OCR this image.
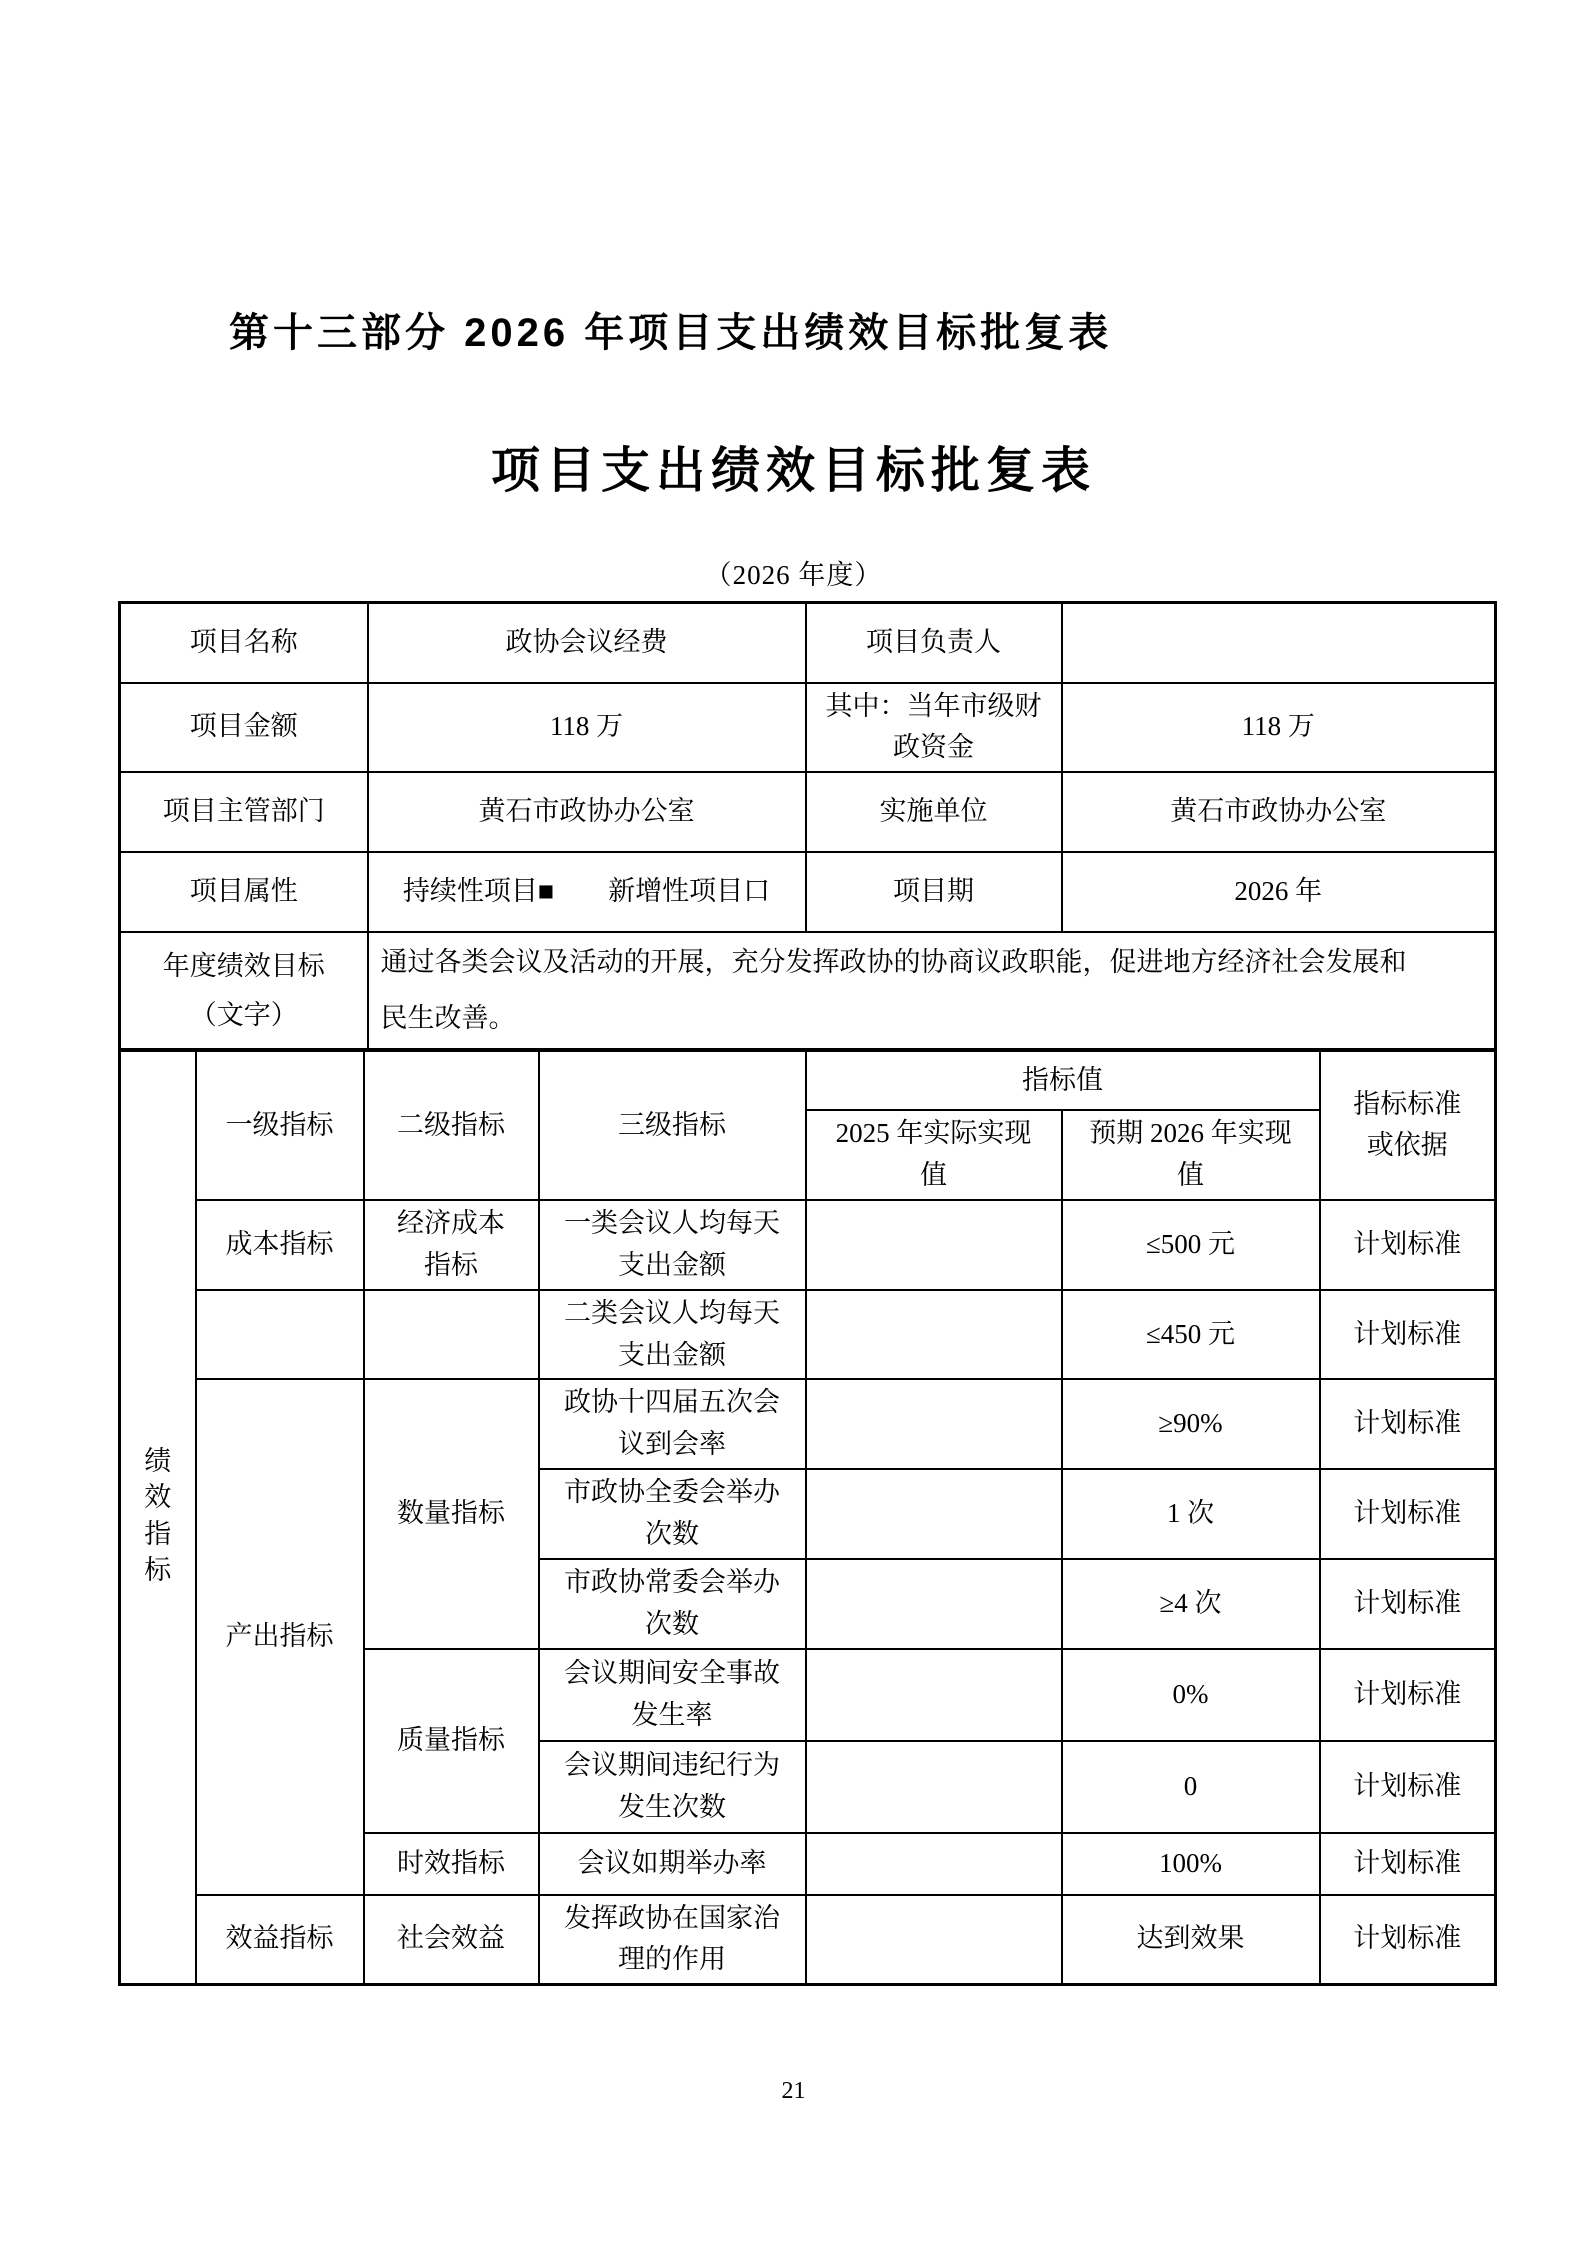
第十三部分 2026 年项目支出绩效目标批复表
项目支出绩效目标批复表
（2026 年度）
项目名称	政协会议经费	项目负责人	
项目金额	118 万	其中：当年市级财政资金	118 万
项目主管部门	黄石市政协办公室	实施单位	黄石市政协办公室
项目属性	持续性项目■　　新增性项目口	项目期	2026 年
年度绩效目标（文字）	通过各类会议及活动的开展，充分发挥政协的协商议政职能，促进地方经济社会发展和民生改善。		
绩效指标	一级指标	二级指标	三级指标	指标值		指标标准或依据
				2025 年实际实现值	预期 2026 年实现值	
	成本指标	经济成本指标	一类会议人均每天支出金额		≤500 元	计划标准
			二类会议人均每天支出金额		≤450 元	计划标准
	产出指标	数量指标	政协十四届五次会议到会率		≥90%	计划标准
			市政协全委会举办次数		1 次	计划标准
			市政协常委会举办次数		≥4 次	计划标准
		质量指标	会议期间安全事故发生率		0%	计划标准
			会议期间违纪行为发生次数		0	计划标准
		时效指标	会议如期举办率		100%	计划标准
	效益指标	社会效益	发挥政协在国家治理的作用		达到效果	计划标准
21
